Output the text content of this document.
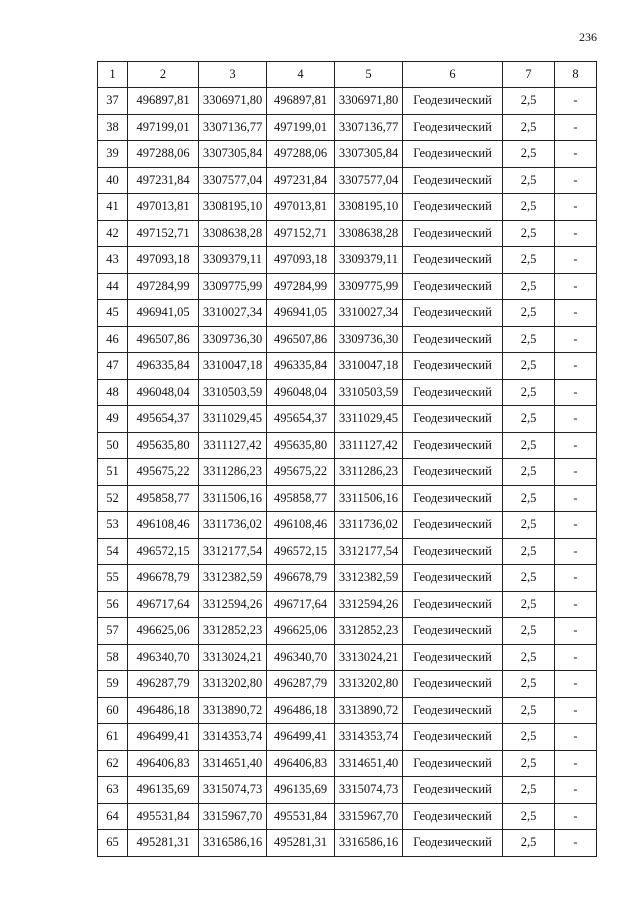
236
1	2	3	4	5	6	7	8
37	496897,81	3306971,80	496897,81	3306971,80	Геодезический	2,5	-
38	497199,01	3307136,77	497199,01	3307136,77	Геодезический	2,5	-
39	497288,06	3307305,84	497288,06	3307305,84	Геодезический	2,5	-
40	497231,84	3307577,04	497231,84	3307577,04	Геодезический	2,5	-
41	497013,81	3308195,10	497013,81	3308195,10	Геодезический	2,5	-
42	497152,71	3308638,28	497152,71	3308638,28	Геодезический	2,5	-
43	497093,18	3309379,11	497093,18	3309379,11	Геодезический	2,5	-
44	497284,99	3309775,99	497284,99	3309775,99	Геодезический	2,5	-
45	496941,05	3310027,34	496941,05	3310027,34	Геодезический	2,5	-
46	496507,86	3309736,30	496507,86	3309736,30	Геодезический	2,5	-
47	496335,84	3310047,18	496335,84	3310047,18	Геодезический	2,5	-
48	496048,04	3310503,59	496048,04	3310503,59	Геодезический	2,5	-
49	495654,37	3311029,45	495654,37	3311029,45	Геодезический	2,5	-
50	495635,80	3311127,42	495635,80	3311127,42	Геодезический	2,5	-
51	495675,22	3311286,23	495675,22	3311286,23	Геодезический	2,5	-
52	495858,77	3311506,16	495858,77	3311506,16	Геодезический	2,5	-
53	496108,46	3311736,02	496108,46	3311736,02	Геодезический	2,5	-
54	496572,15	3312177,54	496572,15	3312177,54	Геодезический	2,5	-
55	496678,79	3312382,59	496678,79	3312382,59	Геодезический	2,5	-
56	496717,64	3312594,26	496717,64	3312594,26	Геодезический	2,5	-
57	496625,06	3312852,23	496625,06	3312852,23	Геодезический	2,5	-
58	496340,70	3313024,21	496340,70	3313024,21	Геодезический	2,5	-
59	496287,79	3313202,80	496287,79	3313202,80	Геодезический	2,5	-
60	496486,18	3313890,72	496486,18	3313890,72	Геодезический	2,5	-
61	496499,41	3314353,74	496499,41	3314353,74	Геодезический	2,5	-
62	496406,83	3314651,40	496406,83	3314651,40	Геодезический	2,5	-
63	496135,69	3315074,73	496135,69	3315074,73	Геодезический	2,5	-
64	495531,84	3315967,70	495531,84	3315967,70	Геодезический	2,5	-
65	495281,31	3316586,16	495281,31	3316586,16	Геодезический	2,5	-
